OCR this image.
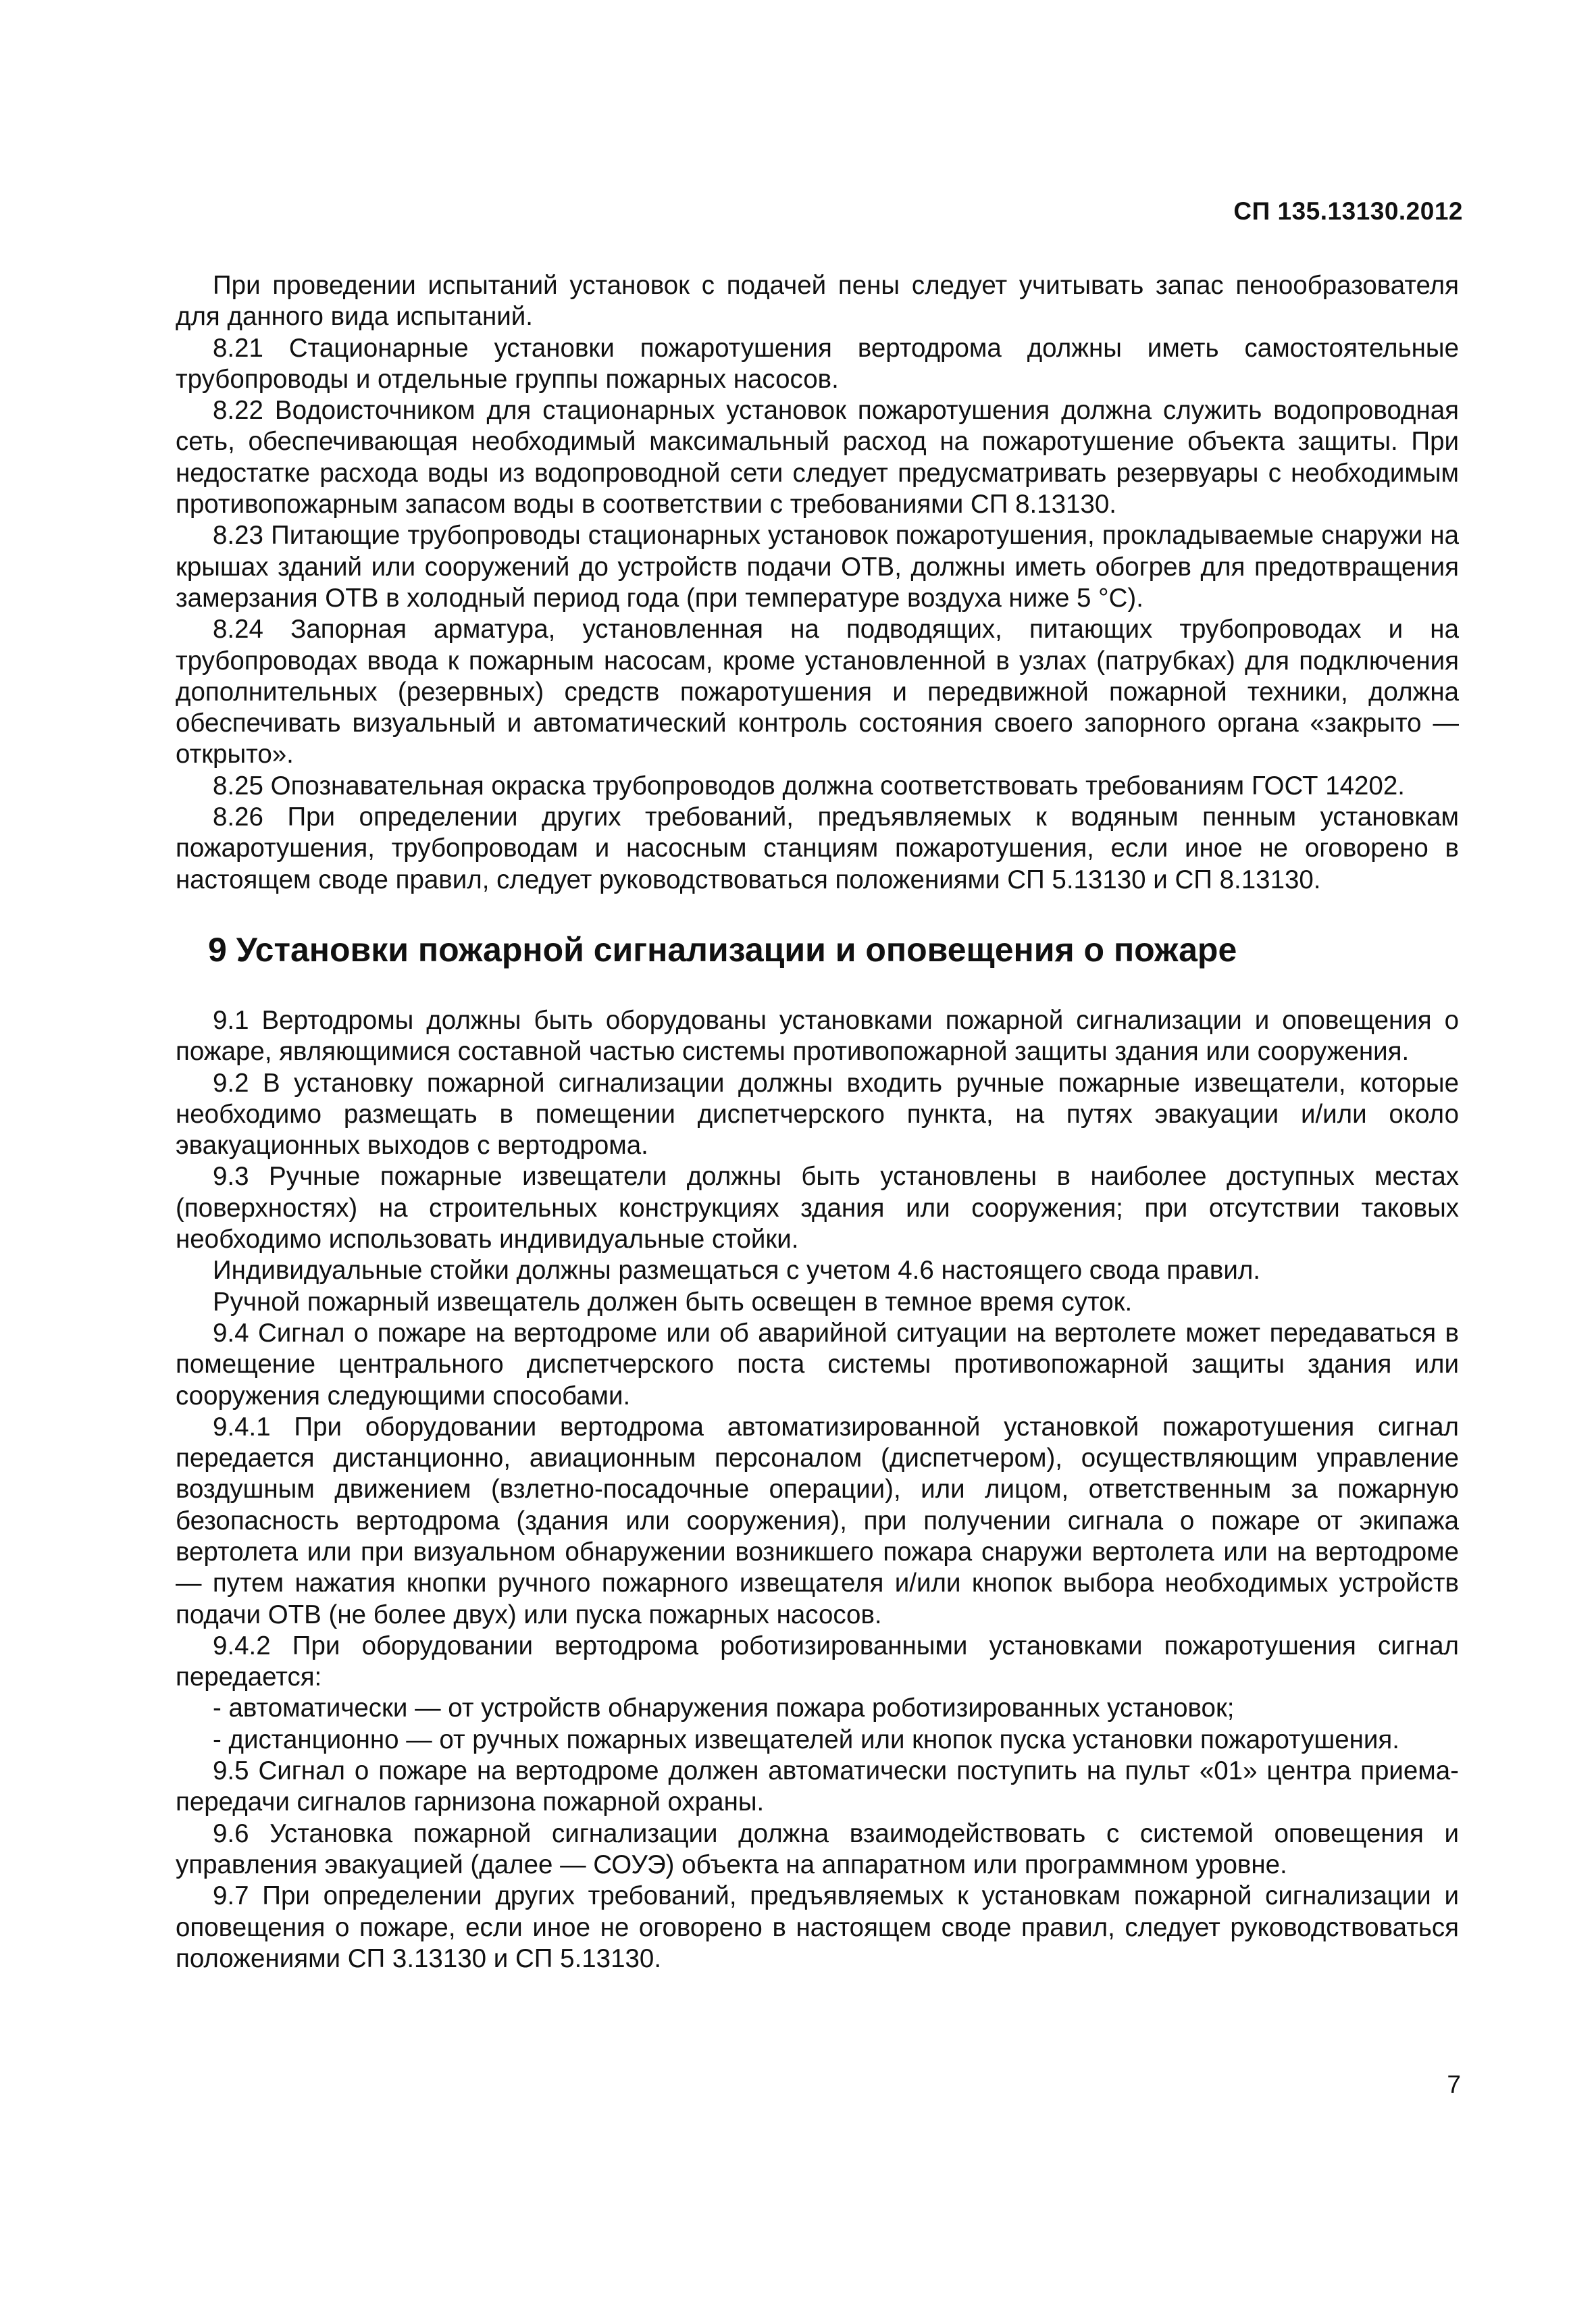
СП 135.13130.2012

При проведении испытаний установок с подачей пены следует учитывать запас пенообразователя для данного вида испытаний.

8.21 Стационарные установки пожаротушения вертодрома должны иметь самостоятельные трубопроводы и отдельные группы пожарных насосов.

8.22 Водоисточником для стационарных установок пожаротушения должна служить водопроводная сеть, обеспечивающая необходимый максимальный расход на пожаротушение объекта защиты. При недостатке расхода воды из водопроводной сети следует предусматривать резервуары с необходимым противопожарным запасом воды в соответствии с требованиями СП 8.13130.

8.23 Питающие трубопроводы стационарных установок пожаротушения, прокладываемые снаружи на крышах зданий или сооружений до устройств подачи ОТВ, должны иметь обогрев для предотвращения замерзания ОТВ в холодный период года (при температуре воздуха ниже 5 °С).

8.24 Запорная арматура, установленная на подводящих, питающих трубопроводах и на трубопроводах ввода к пожарным насосам, кроме установленной в узлах (патрубках) для подключения дополнительных (резервных) средств пожаротушения и передвижной пожарной техники, должна обеспечивать визуальный и автоматический контроль состояния своего запорного органа «закрыто — открыто».

8.25 Опознавательная окраска трубопроводов должна соответствовать требованиям ГОСТ 14202.

8.26 При определении других требований, предъявляемых к водяным пенным установкам пожаротушения, трубопроводам и насосным станциям пожаротушения, если иное не оговорено в настоящем своде правил, следует руководствоваться положениями СП 5.13130 и СП 8.13130.

9 Установки пожарной сигнализации и оповещения о пожаре

9.1 Вертодромы должны быть оборудованы установками пожарной сигнализации и оповещения о пожаре, являющимися составной частью системы противопожарной защиты здания или сооружения.

9.2 В установку пожарной сигнализации должны входить ручные пожарные извещатели, которые необходимо размещать в помещении диспетчерского пункта, на путях эвакуации и/или около эвакуационных выходов с вертодрома.

9.3 Ручные пожарные извещатели должны быть установлены в наиболее доступных местах (поверхностях) на строительных конструкциях здания или сооружения; при отсутствии таковых необходимо использовать индивидуальные стойки.

Индивидуальные стойки должны размещаться с учетом 4.6 настоящего свода правил.

Ручной пожарный извещатель должен быть освещен в темное время суток.

9.4 Сигнал о пожаре на вертодроме или об аварийной ситуации на вертолете может передаваться в помещение центрального диспетчерского поста системы противопожарной защиты здания или сооружения следующими способами.

9.4.1 При оборудовании вертодрома автоматизированной установкой пожаротушения сигнал передается дистанционно, авиационным персоналом (диспетчером), осуществляющим управление воздушным движением (взлетно-посадочные операции), или лицом, ответственным за пожарную безопасность вертодрома (здания или сооружения), при получении сигнала о пожаре от экипажа вертолета или при визуальном обнаружении возникшего пожара снаружи вертолета или на вертодроме — путем нажатия кнопки ручного пожарного извещателя и/или кнопок выбора необходимых устройств подачи ОТВ (не более двух) или пуска пожарных насосов.

9.4.2 При оборудовании вертодрома роботизированными установками пожаротушения сигнал передается:

- автоматически — от устройств обнаружения пожара роботизированных установок;

- дистанционно — от ручных пожарных извещателей или кнопок пуска установки пожаротушения.

9.5 Сигнал о пожаре на вертодроме должен автоматически поступить на пульт «01» центра приема-передачи сигналов гарнизона пожарной охраны.

9.6 Установка пожарной сигнализации должна взаимодействовать с системой оповещения и управления эвакуацией (далее — СОУЭ) объекта на аппаратном или программном уровне.

9.7 При определении других требований, предъявляемых к установкам пожарной сигнализации и оповещения о пожаре, если иное не оговорено в настоящем своде правил, следует руководствоваться положениями СП 3.13130 и СП 5.13130.

7
